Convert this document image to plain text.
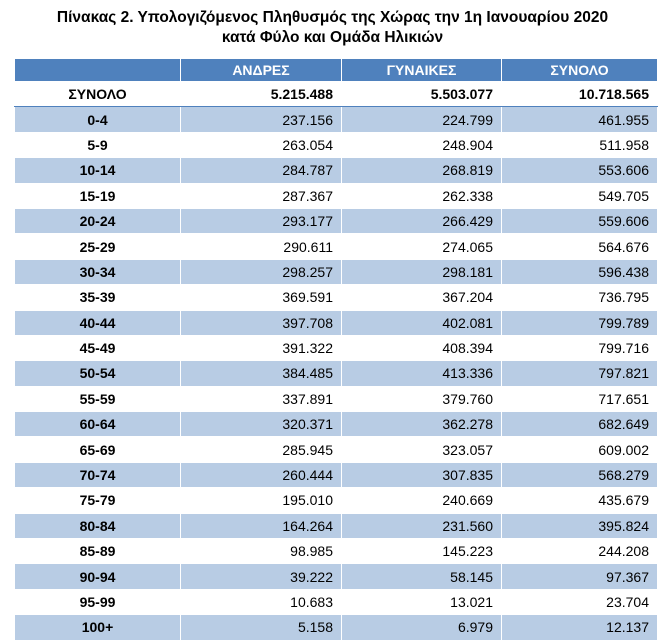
Πίνακας 2. Υπολογιζόμενος Πληθυσμός της Χώρας την 1η Ιανουαρίου 2020
κατά Φύλο και Ομάδα Ηλικιών
	ΑΝΔΡΕΣ	ΓΥΝΑΙΚΕΣ	ΣΥΝΟΛΟ
ΣΥΝΟΛΟ	5.215.488	5.503.077	10.718.565
0-4	237.156	224.799	461.955
5-9	263.054	248.904	511.958
10-14	284.787	268.819	553.606
15-19	287.367	262.338	549.705
20-24	293.177	266.429	559.606
25-29	290.611	274.065	564.676
30-34	298.257	298.181	596.438
35-39	369.591	367.204	736.795
40-44	397.708	402.081	799.789
45-49	391.322	408.394	799.716
50-54	384.485	413.336	797.821
55-59	337.891	379.760	717.651
60-64	320.371	362.278	682.649
65-69	285.945	323.057	609.002
70-74	260.444	307.835	568.279
75-79	195.010	240.669	435.679
80-84	164.264	231.560	395.824
85-89	98.985	145.223	244.208
90-94	39.222	58.145	97.367
95-99	10.683	13.021	23.704
100+	5.158	6.979	12.137
